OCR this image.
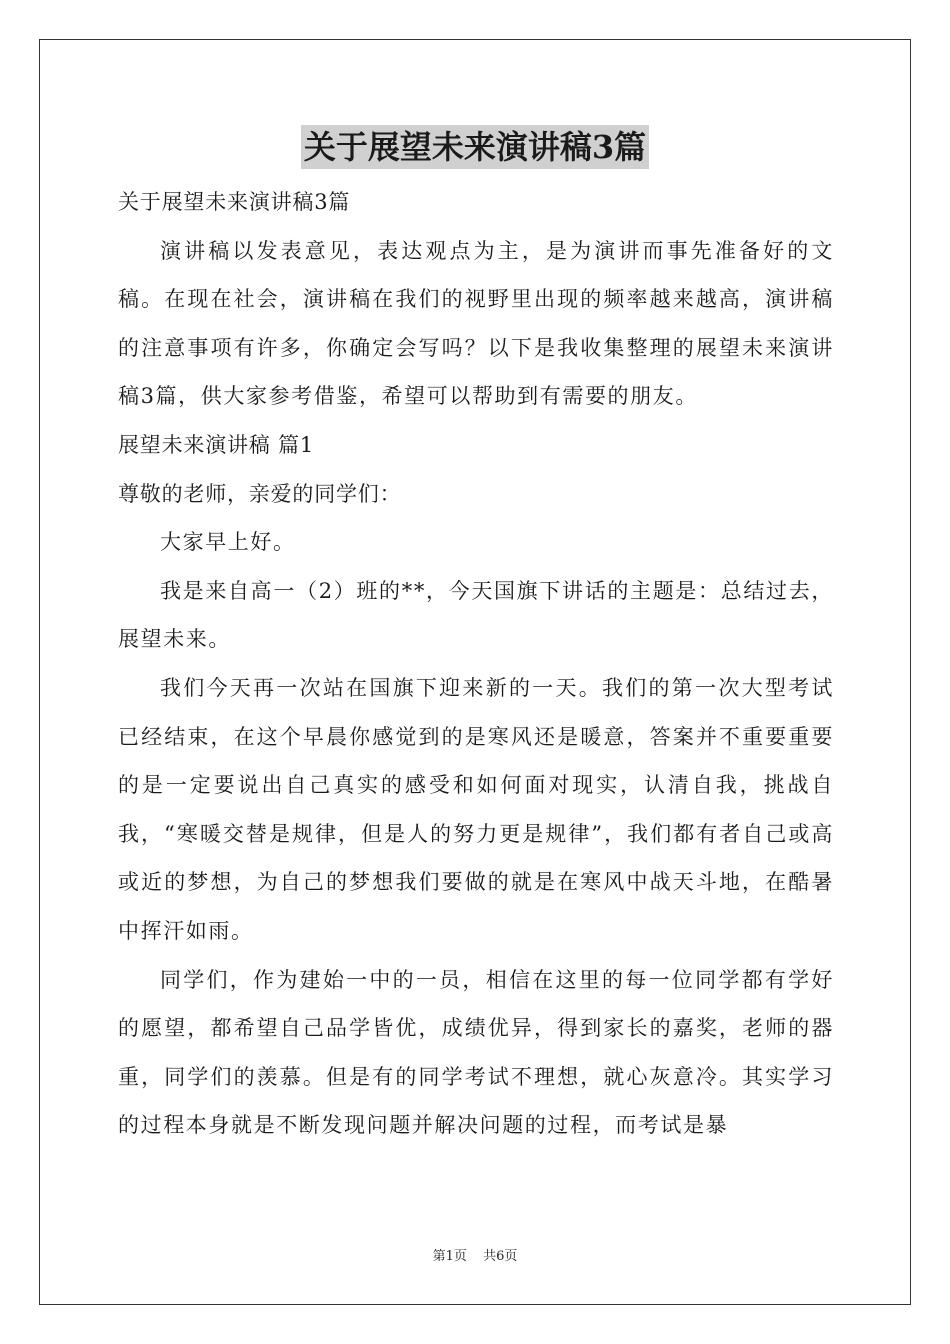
关于展望未来演讲稿3篇
关于展望未来演讲稿3篇

演讲稿以发表意见，表达观点为主，是为演讲而事先准备好的文稿。在现在社会，演讲稿在我们的视野里出现的频率越来越高，演讲稿的注意事项有许多，你确定会写吗？以下是我收集整理的展望未来演讲稿3篇，供大家参考借鉴，希望可以帮助到有需要的朋友。

展望未来演讲稿 篇1
尊敬的老师，亲爱的同学们：

大家早上好。

我是来自高一（2）班的**，今天国旗下讲话的主题是：总结过去，展望未来。

我们今天再一次站在国旗下迎来新的一天。我们的第一次大型考试已经结束，在这个早晨你感觉到的是寒风还是暖意，答案并不重要重要的是一定要说出自己真实的感受和如何面对现实，认清自我，挑战自我，“寒暖交替是规律，但是人的努力更是规律”，我们都有者自己或高或近的梦想，为自己的梦想我们要做的就是在寒风中战天斗地，在酷暑中挥汗如雨。

同学们，作为建始一中的一员，相信在这里的每一位同学都有学好的愿望，都希望自己品学皆优，成绩优异，得到家长的嘉奖，老师的器重，同学们的羡慕。但是有的同学考试不理想，就心灰意冷。其实学习的过程本身就是不断发现问题并解决问题的过程，而考试是暴

第1页 共6页
